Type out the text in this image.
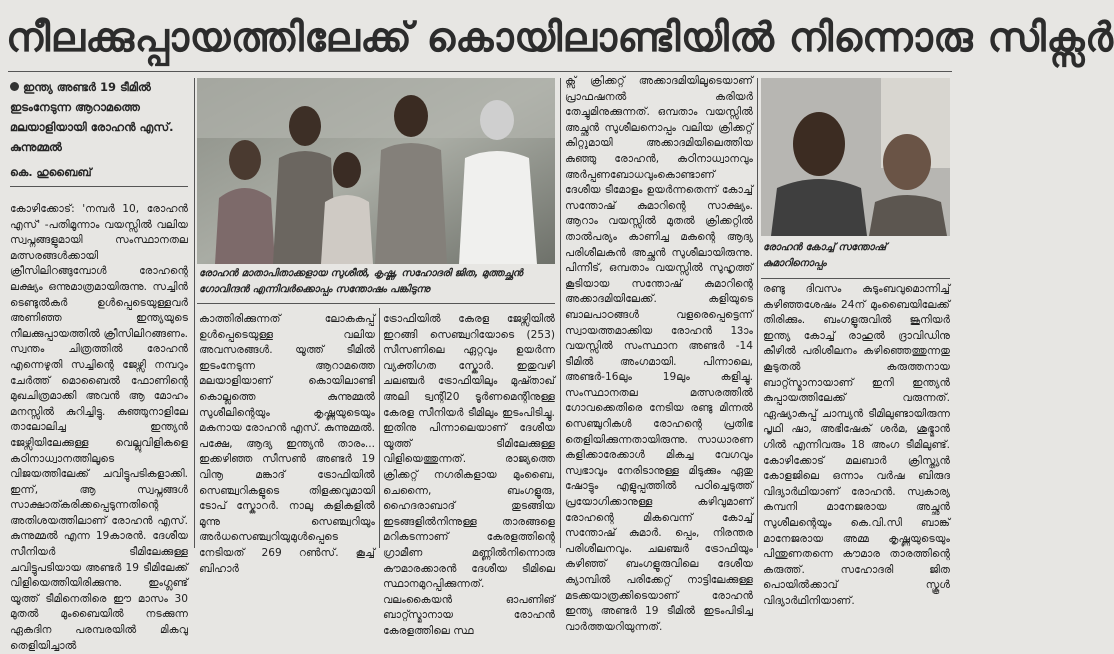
നീലക്കുപ്പായത്തിലേക്ക് കൊയിലാണ്ടിയിൽ നിന്നൊരു സിക്സർ
ഇന്ത്യ അണ്ടർ 19 ടീമിൽ ഇടംനേടുന്ന ആറാമത്തെ മലയാളിയായി രോഹൻ എസ്. കുന്നുമ്മൽ
കെ. ഹുബൈബ്
കോഴിക്കോട്: 'നമ്പർ 10, രോഹൻ എസ്' -പതിമൂന്നാം വയസ്സിൽ വലിയ സ്വപ്നങ്ങളുമായി സംസ്ഥാനതല മത്സരങ്ങൾക്കായി ക്രീസിലിറങ്ങുമ്പോൾ രോഹന്റെ ലക്ഷ്യം ഒന്നുമാത്രമായിരുന്നു. സച്ചിൻ ടെണ്ടുൽകർ ഉൾപ്പെടെയുള്ളവർ അണിഞ്ഞ ഇന്ത്യയുടെ നീലക്കുപ്പായത്തിൽ ക്രീസിലിറങ്ങണം. സ്വന്തം ചിത്രത്തിൽ രോഹൻ എന്നെഴുതി സച്ചിന്റെ ജേഴ്സി നമ്പറും ചേർത്ത് മൊബൈൽ ഫോണിന്റെ മുഖചിത്രമാക്കി അവൻ ആ മോഹം മനസ്സിൽ കുറിച്ചിട്ടു. കുഞ്ഞുനാളിലേ താലോലിച്ച ഇന്ത്യൻ ജേഴ്സിയിലേക്കുള്ള വെല്ലുവിളികളെ കഠിനാധ്വാനത്തിലൂടെ വിജയത്തിലേക്ക് ചവിട്ടുപടികളാക്കി. ഇന്ന്, ആ സ്വപ്നങ്ങൾ സാക്ഷാത്കരിക്കപ്പെടുന്നതിന്റെ അതിശയത്തിലാണ് രോഹൻ എസ്. കുന്നുമ്മൽ എന്ന 19കാരൻ. ദേശീയ സീനിയർ ടീമിലേക്കുള്ള ചവിട്ടുപടിയായ അണ്ടർ 19 ടീമിലേക്ക് വിളിയെത്തിയിരിക്കുന്നു. ഇംഗ്ലണ്ട് യൂത്ത് ടീമിനെതിരെ ഈ മാസം 30 മുതൽ മുംബൈയിൽ നടക്കുന്ന ഏകദിന പരമ്പരയിൽ മികവു തെളിയിച്ചാൽ
രോഹൻ മാതാപിതാക്കളായ സുശീൽ, കൃഷ്ണ, സഹോദരി ജിത, മുത്തച്ഛൻ ഗോവിന്ദൻ എന്നിവർക്കൊപ്പം സന്തോഷം പങ്കിടുന്നു
കാത്തിരിക്കുന്നത് ലോകകപ്പ് ഉൾപ്പെടെയുള്ള വലിയ അവസരങ്ങൾ. യൂത്ത് ടീമിൽ ഇടംനേടുന്ന ആറാമത്തെ മലയാളിയാണ് കൊയിലാണ്ടി കൊല്ലത്തെ കുന്നുമ്മൽ സുശീലിന്റെയും കൃഷ്ണയുടെയും മകനായ രോഹൻ എസ്. കുന്നുമ്മൽ. പക്ഷേ, ആദ്യ ഇന്ത്യൻ താരം... ഇക്കഴിഞ്ഞ സീസൺ അണ്ടർ 19 വിനൂ മങ്കാദ് ട്രോഫിയിൽ സെഞ്ച്വറികളുടെ തിളക്കവുമായി ടോപ് സ്കോറർ. നാലു കളികളിൽ മൂന്നു സെഞ്ച്വറിയും അർധസെഞ്ച്വറിയുമുൾപ്പെടെ നേടിയത് 269 റൺസ്. കൂച്ച് ബിഹാർ
ട്രോഫിയിൽ കേരള ജേഴ്സിയിൽ ഇറങ്ങി സെഞ്ച്വറിയോടെ (253) സീസണിലെ ഏറ്റവും ഉയർന്ന വ്യക്തിഗത സ്കോർ. ഇതുവഴി ചലഞ്ചർ ട്രോഫിയിലും മുഷ്താഖ് അലി ട്വന്റി20 ടൂർണമെന്റിനുള്ള കേരള സീനിയർ ടീമിലും ഇടംപിടിച്ചു. ഇതിനു പിന്നാലെയാണ് ദേശീയ യൂത്ത് ടീമിലേക്കുള്ള വിളിയെത്തുന്നത്. രാജ്യത്തെ ക്രിക്കറ്റ് നഗരികളായ മുംബൈ, ചെന്നൈ, ബംഗളൂരു, ഹൈദരാബാദ് തുടങ്ങിയ ഇടങ്ങളിൽനിന്നുള്ള താരങ്ങളെ മറികടന്നാണ് കേരളത്തിന്റെ ഗ്രാമീണ മണ്ണിൽനിന്നൊരു കൗമാരക്കാരൻ ദേശീയ ടീമിലെ സ്ഥാനമുറപ്പിക്കുന്നത്. വലംകൈയൻ ഓപണിങ് ബാറ്റ്സ്മാനായ രോഹൻ കേരളത്തിലെ സ്ഥ
ക്സ് ക്രിക്കറ്റ് അക്കാദമിയിലൂടെയാണ് പ്രാഫഷനൽ കരിയർ തേച്ചുമിനുക്കുന്നത്. ഒമ്പതാം വയസ്സിൽ അച്ഛൻ സുശീലനൊപ്പം വലിയ ക്രിക്കറ്റ് കിറ്റുമായി അക്കാദമിയിലെത്തിയ കുഞ്ഞു രോഹൻ, കഠിനാധ്വാനവും അർപ്പണബോധവുംകൊണ്ടാണ് ദേശീയ ടീമോളം ഉയർന്നതെന്ന് കോച്ച് സന്തോഷ് കുമാറിന്റെ സാക്ഷ്യം. ആറാം വയസ്സിൽ മുതൽ ക്രിക്കറ്റിൽ താൽപര്യം കാണിച്ച മകന്റെ ആദ്യ പരിശീലകൻ അച്ഛൻ സുശീലായിരുന്നു. പിന്നീട്, ഒമ്പതാം വയസ്സിൽ സുഹൃത്ത് കൂടിയായ സന്തോഷ് കുമാറിന്റെ അക്കാദമിയിലേക്ക്. കളിയുടെ ബാലപാഠങ്ങൾ വളരെപ്പെട്ടെന്ന് സ്വായത്തമാക്കിയ രോഹൻ 13ാം വയസ്സിൽ സംസ്ഥാന അണ്ടർ -14 ടീമിൽ അംഗമായി. പിന്നാലെ, അണ്ടർ-16ലും 19ലും കളിച്ചു. സംസ്ഥാനതല മത്സരത്തിൽ ഗോവക്കെതിരെ നേടിയ രണ്ടു മിന്നൽ സെഞ്ചുറികൾ രോഹന്റെ പ്രതിഭ തെളിയിക്കുന്നതായിരുന്നു. സാധാരണ കളിക്കാരേക്കാൾ മികച്ച വേഗവും സ്വഭാവും നേരിടാനുള്ള മിടുക്കും ഏതു ഷോട്ടും എളുപ്പത്തിൽ പഠിച്ചെടുത്ത് പ്രയോഗിക്കാനുള്ള കഴിവുമാണ് രോഹന്റെ മികവെന്ന് കോച്ച് സന്തോഷ് കുമാർ. പ്പെം, നിരന്തര പരിശീലനവും. ചലഞ്ചർ ട്രോഫിയും കഴിഞ്ഞ് ബംഗളൂരുവിലെ ദേശീയ ക്യാമ്പിൽ പരിക്കേറ്റ് നാട്ടിലേക്കുള്ള മടക്കയാത്രക്കിടെയാണ് രോഹൻ ഇന്ത്യ അണ്ടർ 19 ടീമിൽ ഇടംപിടിച്ച വാർത്തയറിയുന്നത്.
രോഹൻ കോച്ച് സന്തോഷ് കുമാറിനൊപ്പം
രണ്ടു ദിവസം കുടുംബവുമൊന്നിച്ച് കഴിഞ്ഞശേഷം 24ന് മുംബൈയിലേക്ക് തിരിക്കും. ബംഗളൂരുവിൽ ജൂനിയർ ഇന്ത്യ കോച്ച് രാഹുൽ ദ്രാവിഡിനു കീഴിൽ പരിശീലനം കഴിഞ്ഞെത്തുന്നതു കൂടുതൽ കരുത്തനായ ബാറ്റ്സ്മാനായാണ് ഇനി ഇന്ത്യൻ കുപ്പായത്തിലേക്ക് വരുന്നത്. ഏഷ്യാകപ്പ് ചാമ്പ്യൻ ടീമിലുണ്ടായിരുന്ന പൃഥി ഷാ, അഭിഷേക് ശർമ, ശുഭ്മാൻ ഗിൽ എന്നിവരും 18 അംഗ ടീമിലുണ്ട്. കോഴിക്കോട് മലബാർ ക്രിസ്ത്യൻ കോളജിലെ ഒന്നാം വർഷ ബിരുദ വിദ്യാർഥിയാണ് രോഹൻ. സ്വകാര്യ കമ്പനി മാനേജരായ അച്ഛൻ സുശീലന്റെയും കെ.വി.സി ബാങ്ക് മാനേജരായ അമ്മ കൃഷ്ണയുടെയും പിന്തുണതന്നെ കൗമാര താരത്തിന്റെ കരുത്ത്. സഹോദരി ജിത പൊയിൽക്കാവ് സ്കൂൾ വിദ്യാർഥിനിയാണ്.
